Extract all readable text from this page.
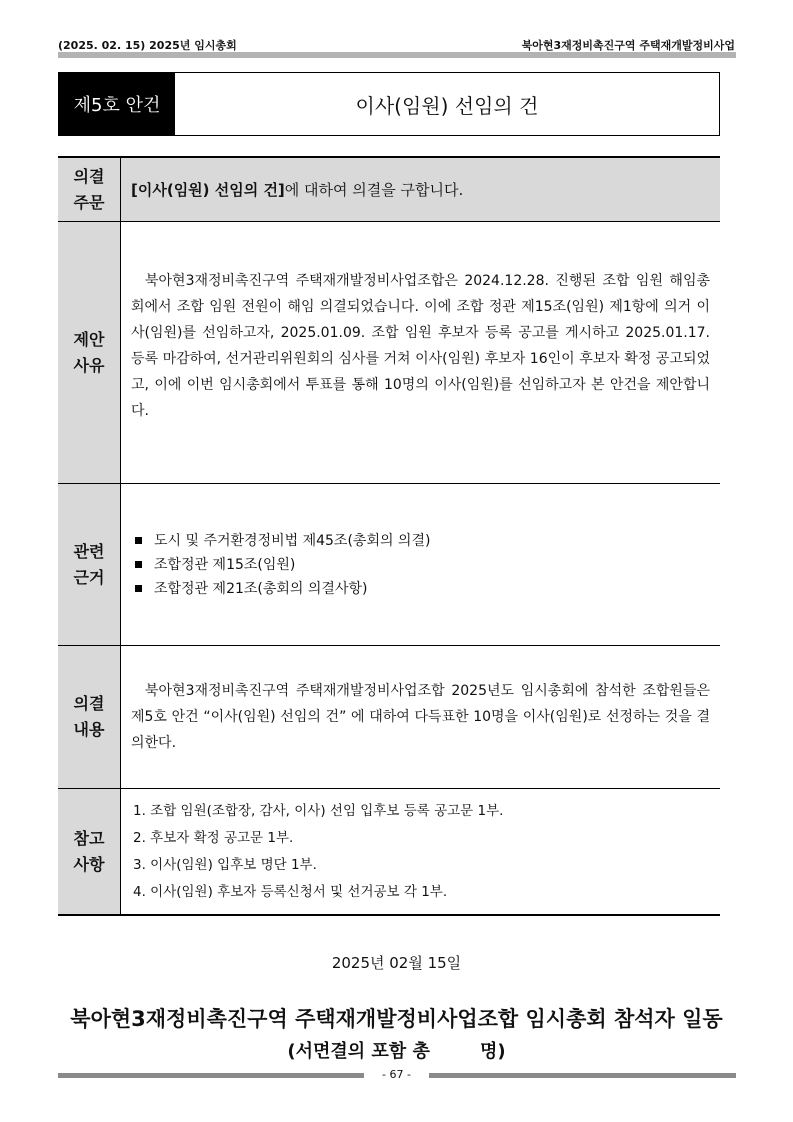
(2025. 02. 15) 2025년 임시총회	북아현3재정비촉진구역 주택재개발정비사업
제5호 안건	이사(임원) 선임의 건
의결
주문
[이사(임원) 선임의 건]에 대하여 의결을 구합니다.
제안
사유
북아현3재정비촉진구역 주택재개발정비사업조합은 2024.12.28. 진행된 조합 임원 해임총회에서 조합 임원 전원이 해임 의결되었습니다. 이에 조합 정관 제15조(임원) 제1항에 의거 이사(임원)를 선임하고자, 2025.01.09. 조합 임원 후보자 등록 공고를 게시하고 2025.01.17. 등록 마감하여, 선거관리위원회의 심사를 거쳐 이사(임원) 후보자 16인이 후보자 확정 공고되었고, 이에 이번 임시총회에서 투표를 통해 10명의 이사(임원)를 선임하고자 본 안건을 제안합니다.
관련
근거
도시 및 주거환경정비법 제45조(총회의 의결)
조합정관 제15조(임원)
조합정관 제21조(총회의 의결사항)
의결
내용
북아현3재정비촉진구역 주택재개발정비사업조합 2025년도 임시총회에 참석한 조합원들은 제5호 안건 “이사(임원) 선임의 건” 에 대하여 다득표한 10명을 이사(임원)로 선정하는 것을 결의한다.
참고
사항
1. 조합 임원(조합장, 감사, 이사) 선임 입후보 등록 공고문 1부.
2. 후보자 확정 공고문 1부.
3. 이사(임원) 입후보 명단 1부.
4. 이사(임원) 후보자 등록신청서 및 선거공보 각 1부.
2025년 02월 15일
북아현3재정비촉진구역 주택재개발정비사업조합 임시총회 참석자 일동
(서면결의 포함 총        명)
- 67 -
